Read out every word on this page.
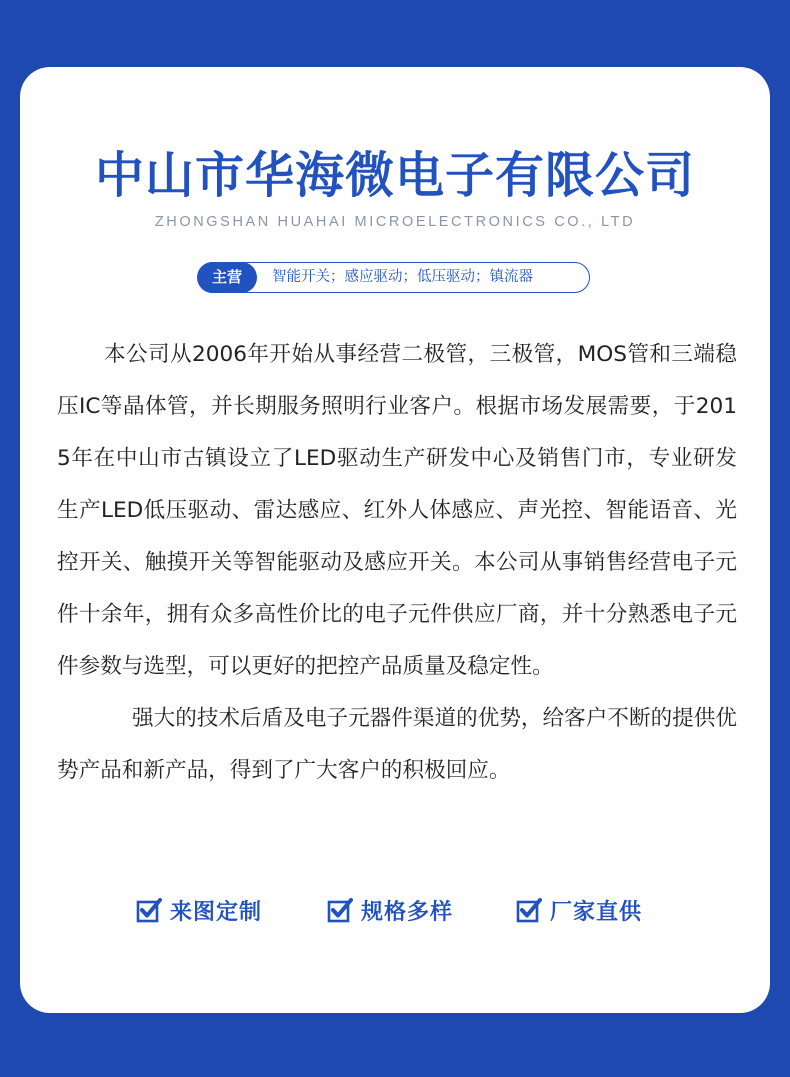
中山市华海微电子有限公司
ZHONGSHAN HUAHAI MICROELECTRONICS CO., LTD
主营	智能开关；感应驱动；低压驱动；镇流器

本公司从2006年开始从事经营二极管，三极管，MOS管和三端稳压IC等晶体管，并长期服务照明行业客户。根据市场发展需要，于2015年在中山市古镇设立了LED驱动生产研发中心及销售门市，专业研发生产LED低压驱动、雷达感应、红外人体感应、声光控、智能语音、光控开关、触摸开关等智能驱动及感应开关。本公司从事销售经营电子元件十余年，拥有众多高性价比的电子元件供应厂商，并十分熟悉电子元件参数与选型，可以更好的把控产品质量及稳定性。

强大的技术后盾及电子元器件渠道的优势，给客户不断的提供优势产品和新产品，得到了广大客户的积极回应。

来图定制	规格多样	厂家直供
